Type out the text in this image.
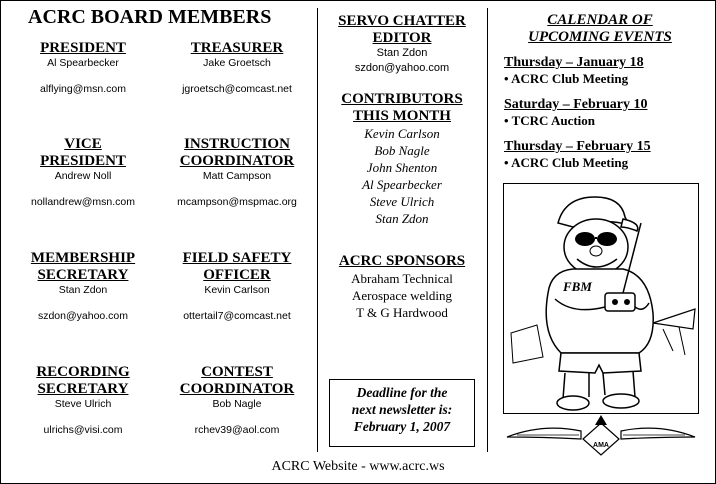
ACRC BOARD MEMBERS
PRESIDENT
Al Spearbecker
alflying@msn.com
TREASURER
Jake Groetsch
jgroetsch@comcast.net
VICE
PRESIDENT
Andrew Noll
nollandrew@msn.com
INSTRUCTION
COORDINATOR
Matt Campson
mcampson@mspmac.org
MEMBERSHIP
SECRETARY
Stan Zdon
szdon@yahoo.com
FIELD SAFETY
OFFICER
Kevin Carlson
ottertail7@comcast.net
RECORDING
SECRETARY
Steve Ulrich
ulrichs@visi.com
CONTEST
COORDINATOR
Bob Nagle
rchev39@aol.com
SERVO CHATTER
EDITOR
Stan Zdon
szdon@yahoo.com
CONTRIBUTORS
THIS MONTH
Kevin Carlson
Bob Nagle
John Shenton
Al Spearbecker
Steve Ulrich
Stan Zdon
ACRC SPONSORS
Abraham Technical
Aerospace welding
T & G Hardwood
Deadline for the
next newsletter is:
February 1, 2007
CALENDAR OF
UPCOMING EVENTS
Thursday – January 18
• ACRC Club Meeting
Saturday – February 10
• TCRC Auction
Thursday – February 15
• ACRC Club Meeting
FBM
AMA
ACRC Website - www.acrc.ws
